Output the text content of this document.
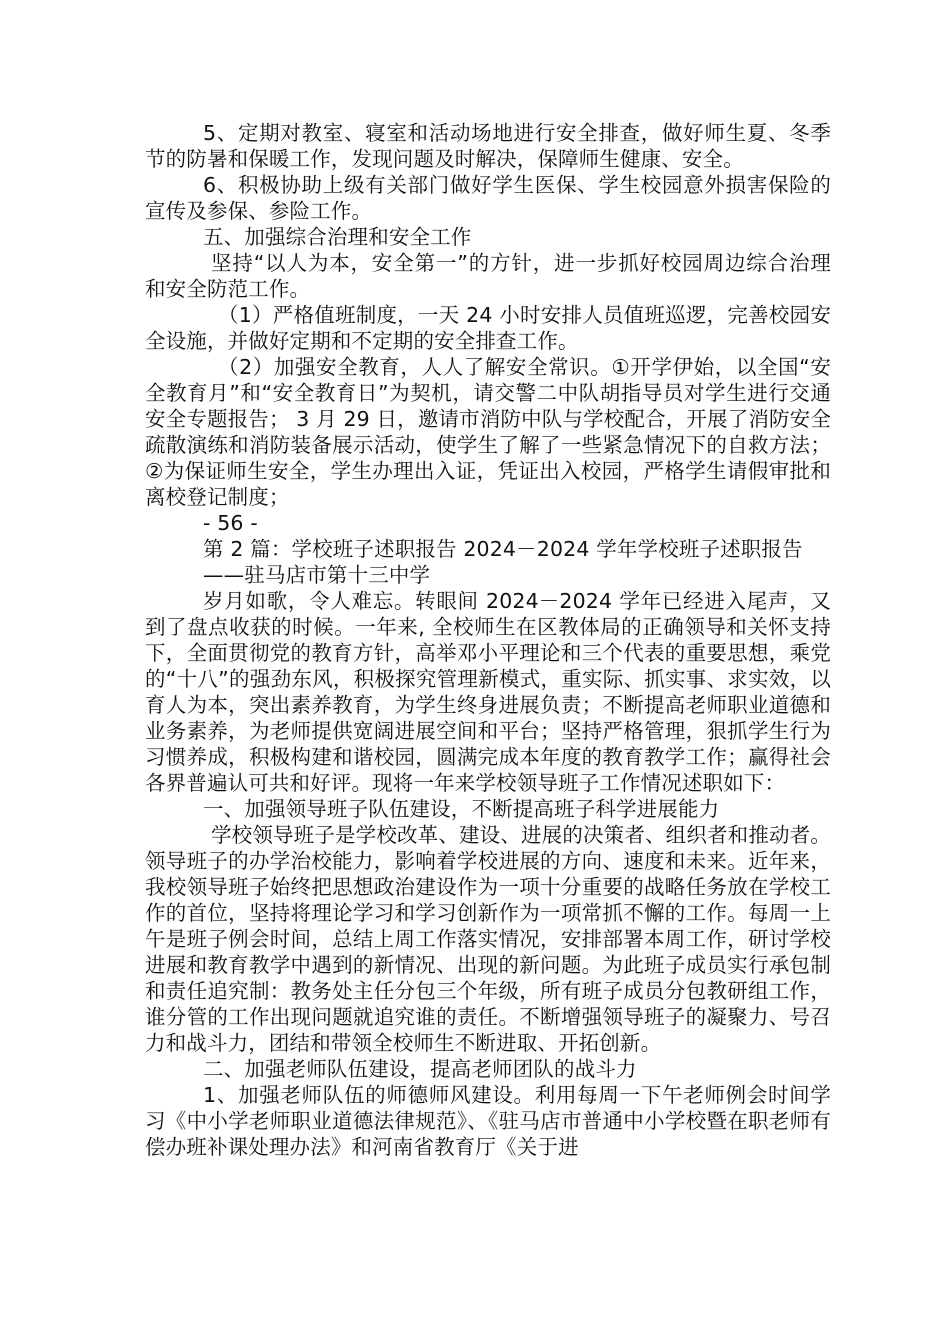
5、定期对教室、寝室和活动场地进行安全排查，做好师生夏、冬季节的防暑和保暖工作，发现问题及时解决，保障师生健康、安全。

6、积极协助上级有关部门做好学生医保、学生校园意外损害保险的宣传及参保、参险工作。

五、加强综合治理和安全工作

坚持“以人为本，安全第一”的方针，进一步抓好校园周边综合治理和安全防范工作。

（1）严格值班制度，一天 24 小时安排人员值班巡逻，完善校园安全设施，并做好定期和不定期的安全排查工作。

（2）加强安全教育，人人了解安全常识。①开学伊始，以全国“安全教育月”和“安全教育日”为契机，请交警二中队胡指导员对学生进行交通安全专题报告； 3 月 29 日，邀请市消防中队与学校配合，开展了消防安全疏散演练和消防装备展示活动，使学生了解了一些紧急情况下的自救方法；②为保证师生安全，学生办理出入证，凭证出入校园，严格学生请假审批和离校登记制度；

- 56 -

第 2 篇：学校班子述职报告 2024－2024 学年学校班子述职报告

——驻马店市第十三中学

岁月如歌，令人难忘。转眼间 2024－2024 学年已经进入尾声，又到了盘点收获的时候。一年来, 全校师生在区教体局的正确领导和关怀支持下，全面贯彻党的教育方针，高举邓小平理论和三个代表的重要思想，乘党的“十八”的强劲东风，积极探究管理新模式，重实际、抓实事、求实效，以育人为本，突出素养教育，为学生终身进展负责；不断提高老师职业道德和业务素养，为老师提供宽阔进展空间和平台；坚持严格管理，狠抓学生行为习惯养成，积极构建和谐校园，圆满完成本年度的教育教学工作；赢得社会各界普遍认可共和好评。现将一年来学校领导班子工作情况述职如下：

一、加强领导班子队伍建设，不断提高班子科学进展能力

学校领导班子是学校改革、建设、进展的决策者、组织者和推动者。领导班子的办学治校能力，影响着学校进展的方向、速度和未来。近年来，我校领导班子始终把思想政治建设作为一项十分重要的战略任务放在学校工作的首位，坚持将理论学习和学习创新作为一项常抓不懈的工作。每周一上午是班子例会时间，总结上周工作落实情况，安排部署本周工作，研讨学校进展和教育教学中遇到的新情况、出现的新问题。为此班子成员实行承包制和责任追究制：教务处主任分包三个年级，所有班子成员分包教研组工作，谁分管的工作出现问题就追究谁的责任。不断增强领导班子的凝聚力、号召力和战斗力，团结和带领全校师生不断进取、开拓创新。

二、加强老师队伍建设，提高老师团队的战斗力

1、加强老师队伍的师德师风建设。利用每周一下午老师例会时间学习《中小学老师职业道德法律规范》、《驻马店市普通中小学校暨在职老师有偿办班补课处理办法》和河南省教育厅《关于进
